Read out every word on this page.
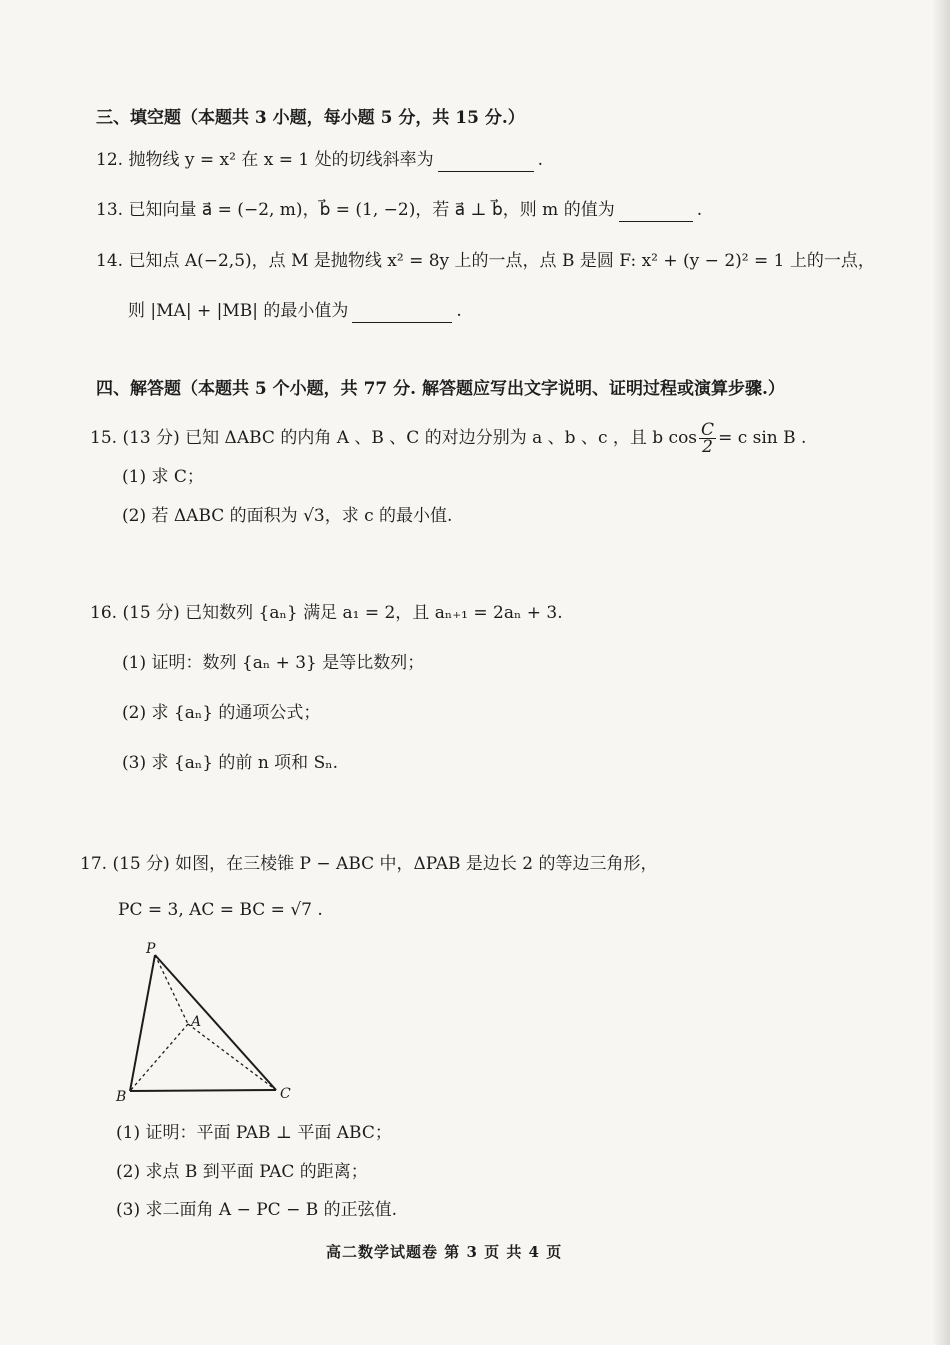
三、填空题（本题共 3 小题，每小题 5 分，共 15 分.）
12. 抛物线 y = x² 在 x = 1 处的切线斜率为	.
13. 已知向量 a⃗ = (−2, m)，b⃗ = (1, −2)，若 a⃗ ⊥ b⃗，则 m 的值为	.
14. 已知点 A(−2,5)，点 M 是抛物线 x² = 8y 上的一点，点 B 是圆 F: x² + (y − 2)² = 1 上的一点，
则 |MA| + |MB| 的最小值为	.
四、解答题（本题共 5 个小题，共 77 分. 解答题应写出文字说明、证明过程或演算步骤.）
15. (13 分) 已知 ΔABC 的内角 A 、B 、C 的对边分别为 a 、b 、c ，且 b $\cos \frac{C}{2} = c$ sin B .
(1) 求 C；
(2) 若 ΔABC 的面积为 √3，求 c 的最小值.
16. (15 分) 已知数列 {aₙ} 满足 a₁ = 2，且 aₙ₊₁ = 2aₙ + 3.
(1) 证明：数列 {aₙ + 3} 是等比数列；
(2) 求 {aₙ} 的通项公式；
(3) 求 {aₙ} 的前 n 项和 Sₙ.
17. (15 分) 如图，在三棱锥 P − ABC 中，ΔPAB 是边长 2 的等边三角形，
PC = 3, AC = BC = √7 .
P
A
B	C
(1) 证明：平面 PAB ⊥ 平面 ABC；
(2) 求点 B 到平面 PAC 的距离；
(3) 求二面角 A − PC − B 的正弦值.
高二数学试题卷 第 3 页 共 4 页
